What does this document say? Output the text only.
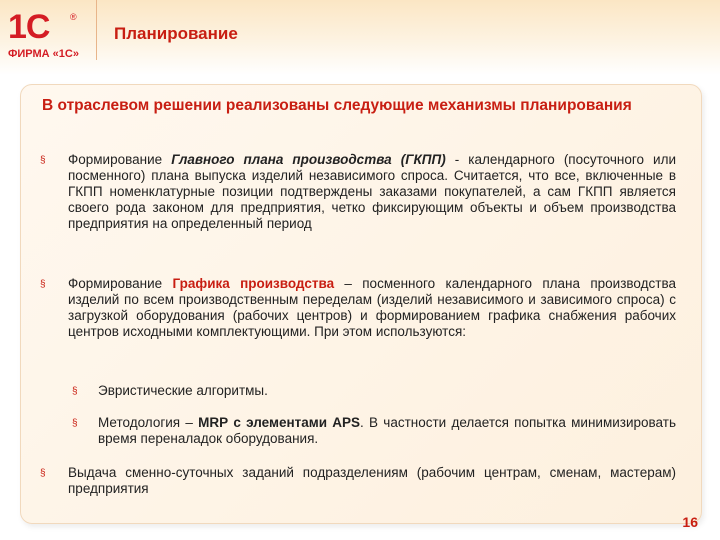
1С ®
ФИРМА «1С»
Планирование
В отраслевом решении реализованы следующие механизмы планирования
§ Формирование Главного плана производства (ГКПП) - календарного (посуточного или посменного) плана выпуска изделий независимого спроса. Считается, что все, включенные в ГКПП номенклатурные позиции подтверждены заказами покупателей, а сам ГКПП является своего рода законом для предприятия, четко фиксирующим объекты и объем производства предприятия на определенный период
§ Формирование Графика производства – посменного календарного плана производства изделий по всем производственным переделам (изделий независимого и зависимого спроса) с загрузкой оборудования (рабочих центров) и формированием графика снабжения рабочих центров исходными комплектующими. При этом используются:
§ Эвристические алгоритмы.
§ Методология – MRP с элементами APS. В частности делается попытка минимизировать время переналадок оборудования.
§ Выдача сменно-суточных заданий подразделениям (рабочим центрам, сменам, мастерам) предприятия
16
